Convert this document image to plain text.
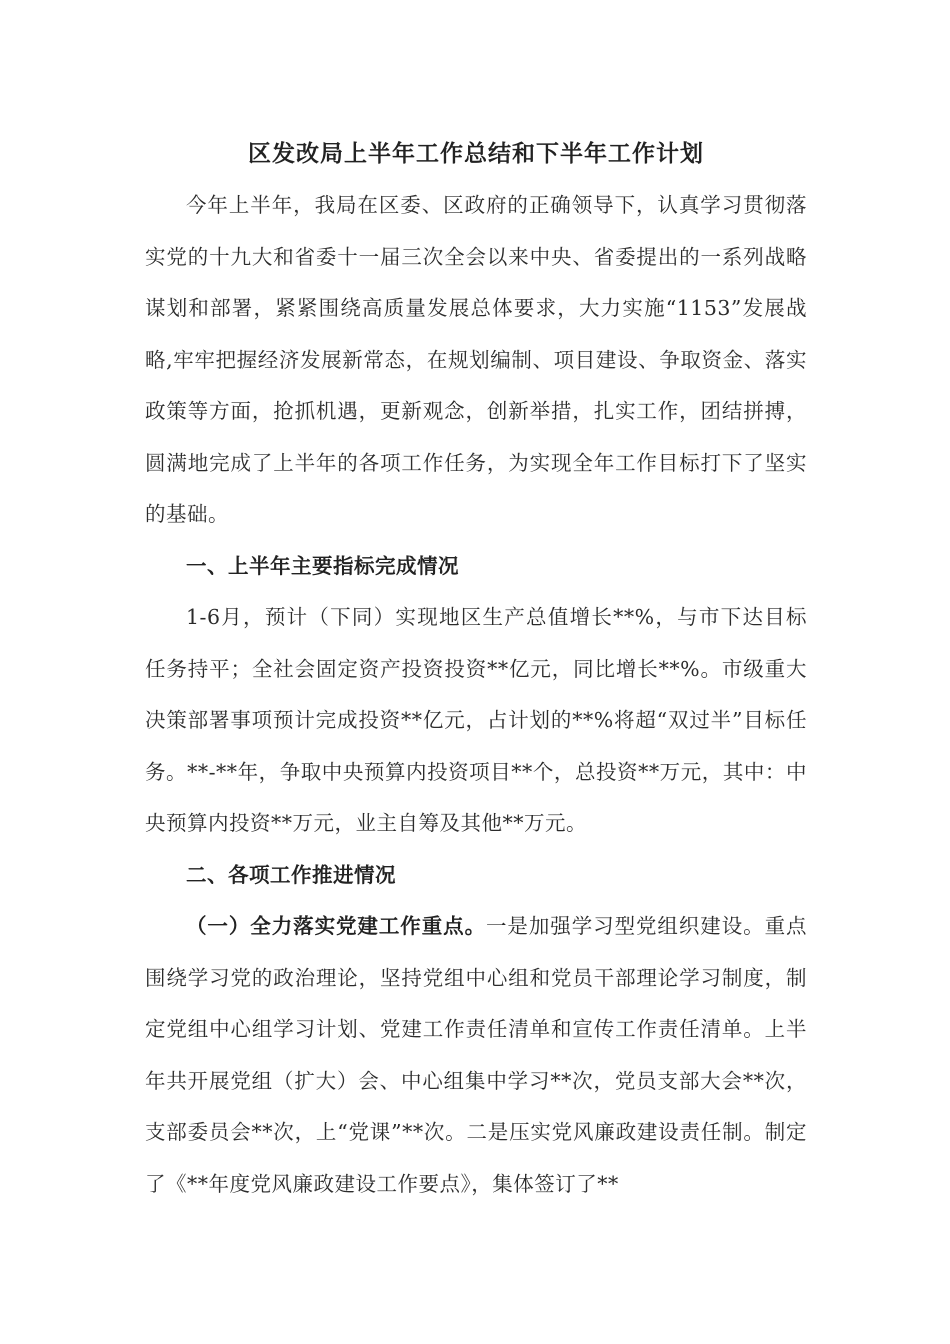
区发改局上半年工作总结和下半年工作计划

今年上半年，我局在区委、区政府的正确领导下，认真学习贯彻落实党的十九大和省委十一届三次全会以来中央、省委提出的一系列战略谋划和部署，紧紧围绕高质量发展总体要求，大力实施“1153”发展战略,牢牢把握经济发展新常态，在规划编制、项目建设、争取资金、落实政策等方面，抢抓机遇，更新观念，创新举措，扎实工作，团结拼搏，圆满地完成了上半年的各项工作任务，为实现全年工作目标打下了坚实的基础。

一、上半年主要指标完成情况

1-6月，预计（下同）实现地区生产总值增长**%，与市下达目标任务持平；全社会固定资产投资投资**亿元，同比增长**%。市级重大决策部署事项预计完成投资**亿元，占计划的**%将超“双过半”目标任务。**-**年，争取中央预算内投资项目**个，总投资**万元，其中：中央预算内投资**万元，业主自筹及其他**万元。

二、各项工作推进情况

（一）全力落实党建工作重点。一是加强学习型党组织建设。重点围绕学习党的政治理论，坚持党组中心组和党员干部理论学习制度，制定党组中心组学习计划、党建工作责任清单和宣传工作责任清单。上半年共开展党组（扩大）会、中心组集中学习**次，党员支部大会**次，支部委员会**次，上“党课”**次。二是压实党风廉政建设责任制。制定了《**年度党风廉政建设工作要点》，集体签订了**
